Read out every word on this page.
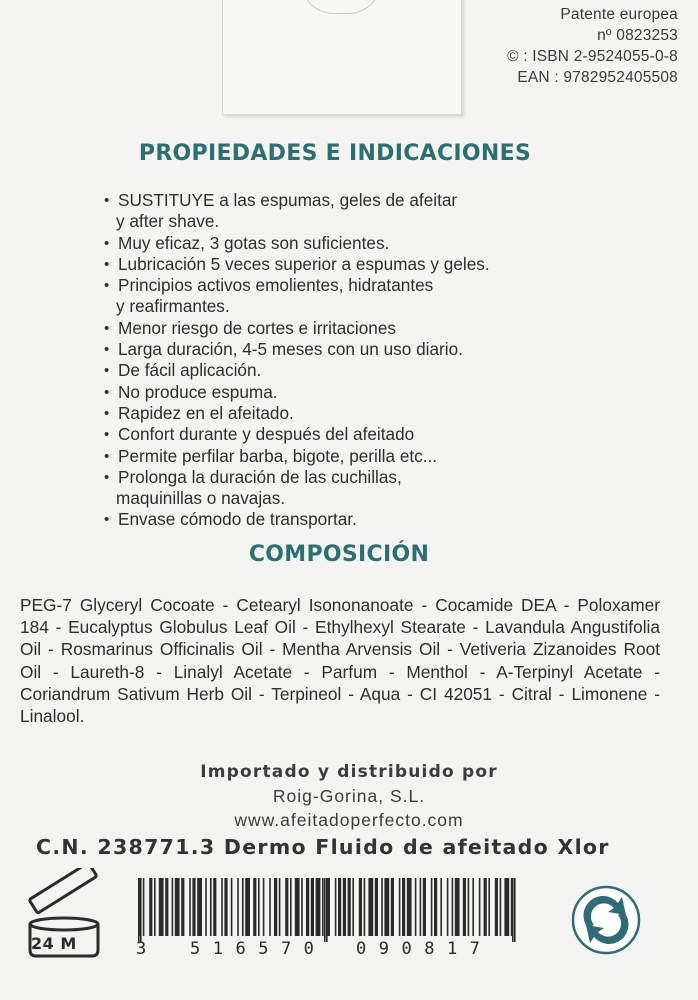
Patente europea
nº 0823253
© : ISBN 2-9524055-0-8
EAN : 9782952405508
PROPIEDADES E INDICACIONES
• SUSTITUYE a las espumas, geles de afeitar
y after shave.
• Muy eficaz, 3 gotas son suficientes.
• Lubricación 5 veces superior a espumas y geles.
• Principios activos emolientes, hidratantes
y reafirmantes.
• Menor riesgo de cortes e irritaciones
• Larga duración, 4-5 meses con un uso diario.
• De fácil aplicación.
• No produce espuma.
• Rapidez en el afeitado.
• Confort durante y después del afeitado
• Permite perfilar barba, bigote, perilla etc...
• Prolonga la duración de las cuchillas,
maquinillas o navajas.
• Envase cómodo de transportar.
COMPOSICIÓN
PEG-7 Glyceryl Cocoate - Cetearyl Isononanoate - Cocamide DEA - Poloxamer 184 - Eucalyptus Globulus Leaf Oil - Ethylhexyl Stearate - Lavandula Angustifolia Oil - Rosmarinus Officinalis Oil - Mentha Arvensis Oil - Vetiveria Zizanoides Root Oil - Laureth-8 - Linalyl Acetate - Parfum - Menthol - A-Terpinyl Acetate - Coriandrum Sativum Herb Oil - Terpineol - Aqua - CI 42051 - Citral - Limonene - Linalool.
Importado y distribuido por
Roig-Gorina, S.L.
www.afeitadoperfecto.com
C.N. 238771.3 Dermo Fluido de afeitado Xlor
24 M	3	516570 090817
